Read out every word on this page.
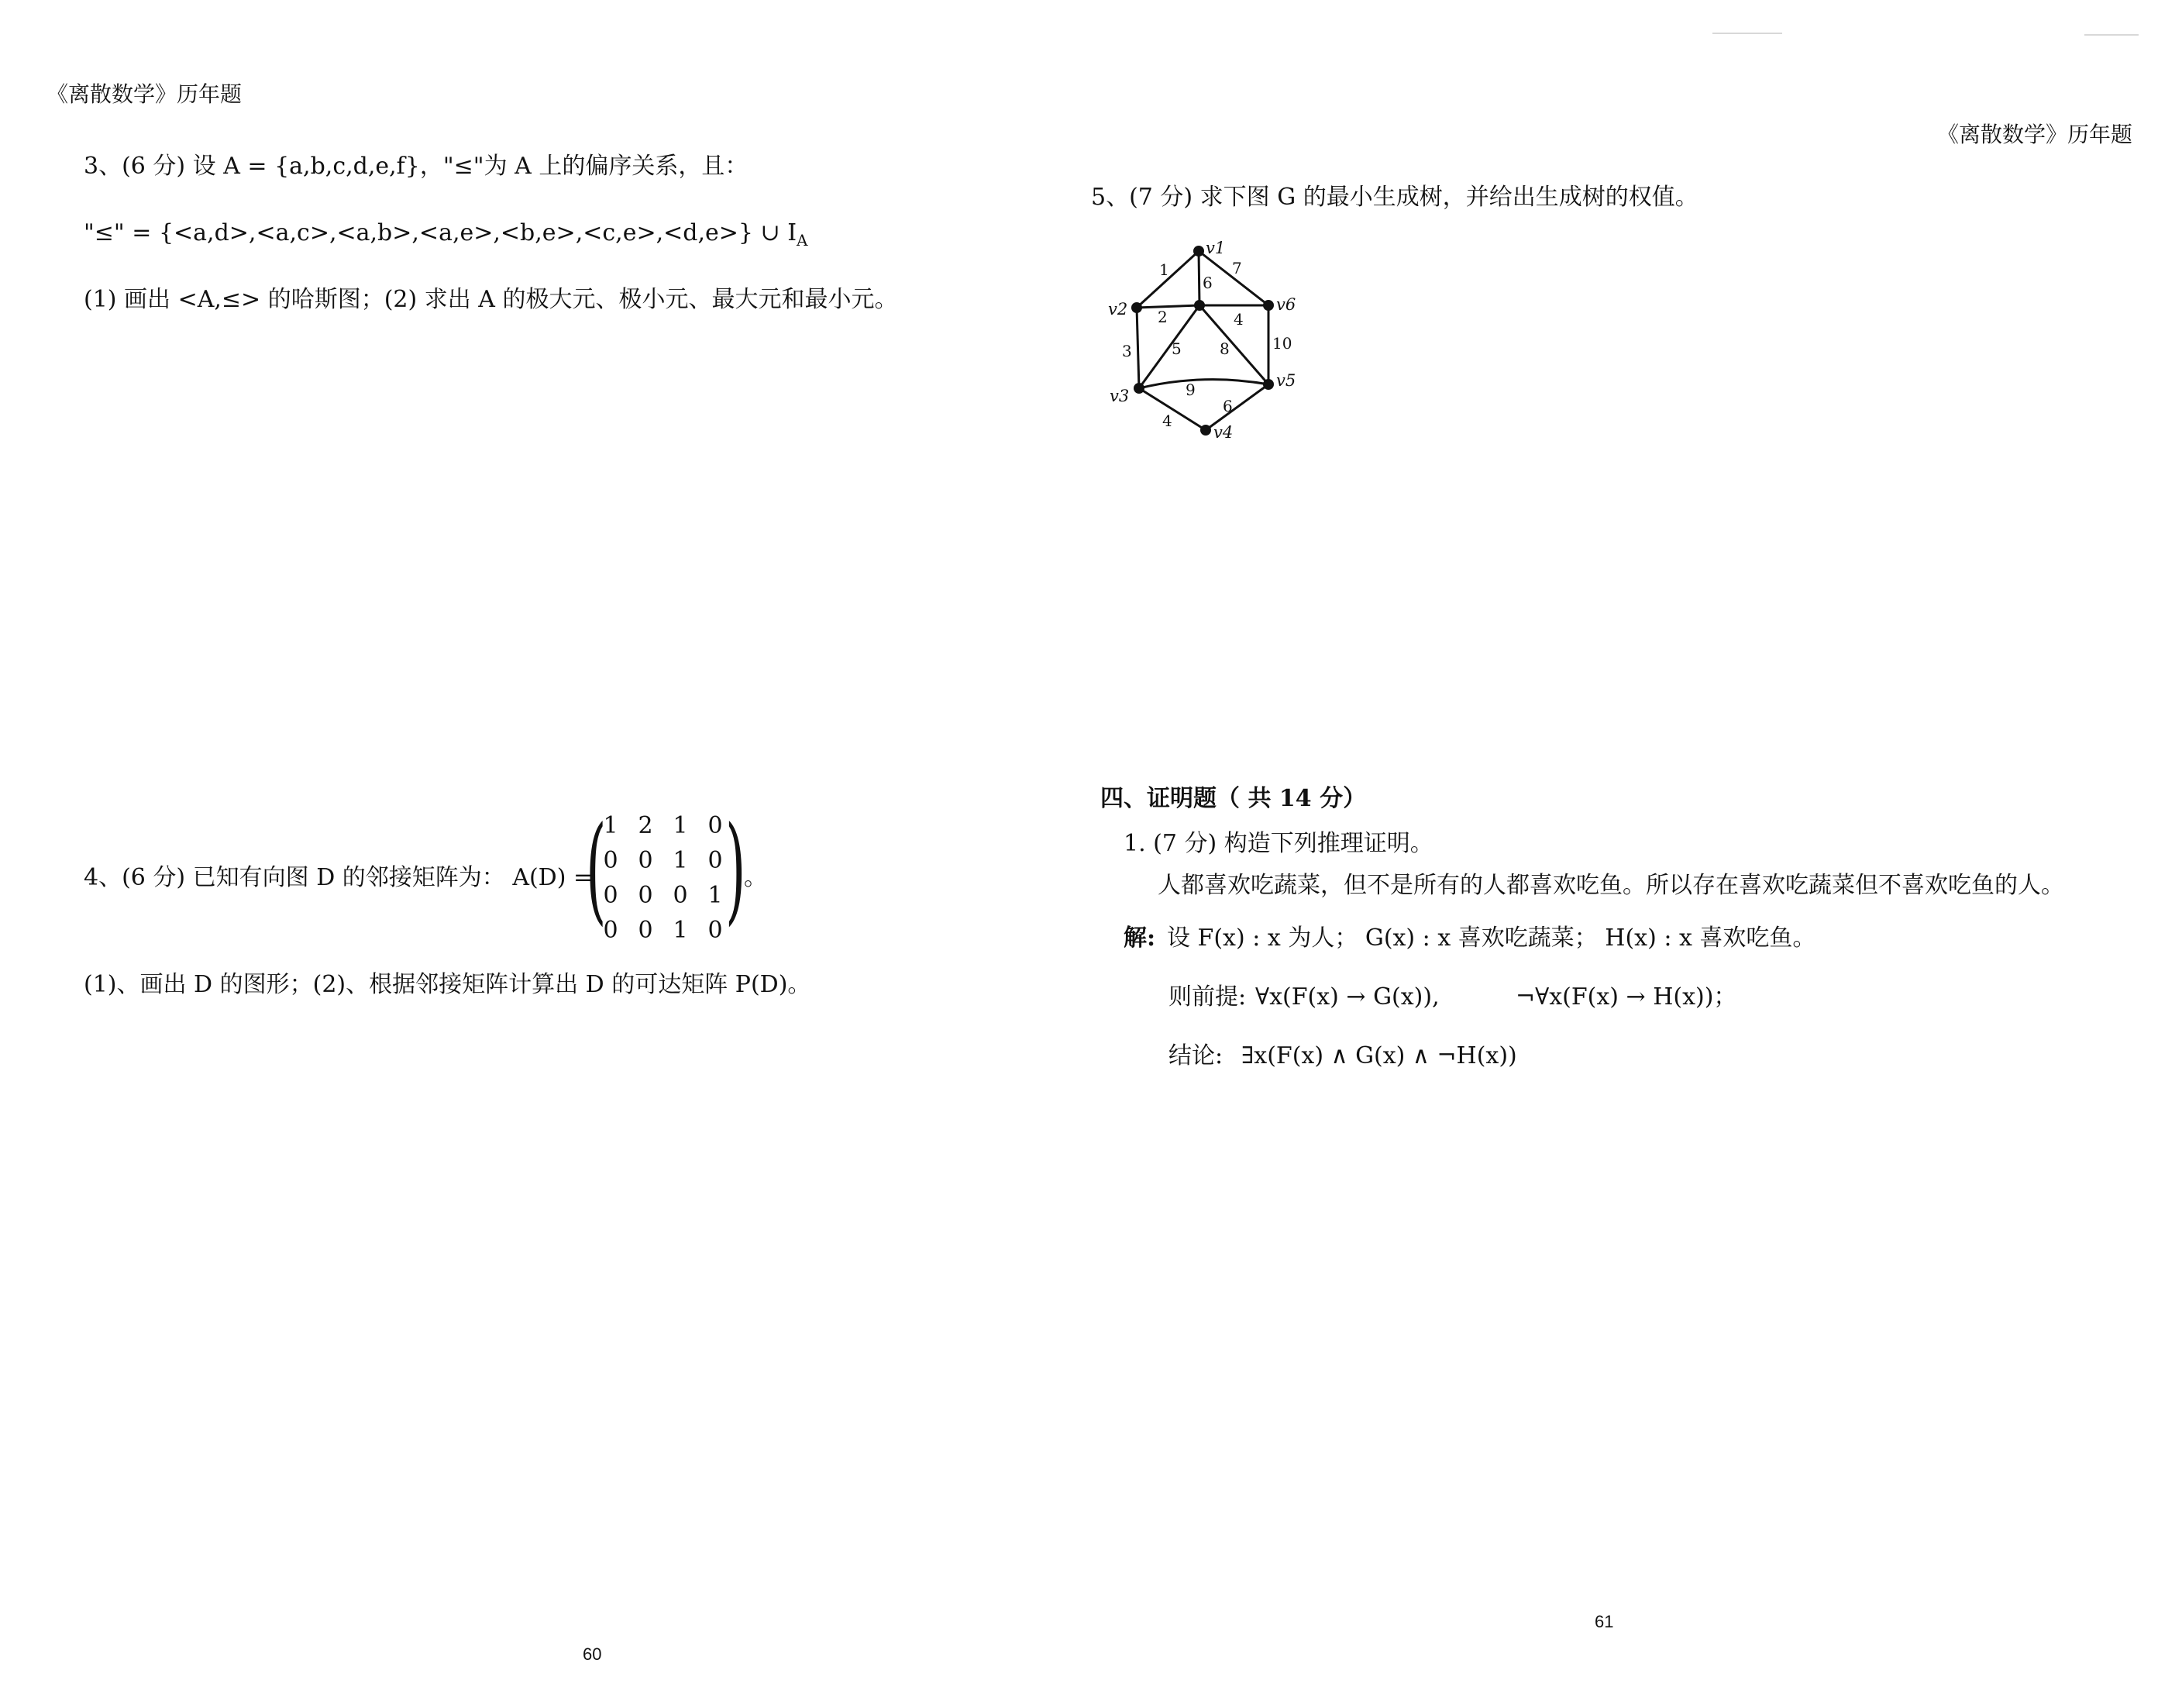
《离散数学》历年题
3、(6 分) 设 A = {a,b,c,d,e,f}，"≤"为 A 上的偏序关系，且：
"≤" = {<a,d>,<a,c>,<a,b>,<a,e>,<b,e>,<c,e>,<d,e>} ∪ $I_A$
(1) 画出 <A,≤> 的哈斯图；(2) 求出 A 的极大元、极小元、最大元和最小元。
4、(6 分) 已知有向图 D 的邻接矩阵为： A(D) =
(
1 2 1 0
0 0 1 0
0 0 0 1
0 0 1 0 )
。
(1)、画出 D 的图形；(2)、根据邻接矩阵计算出 D 的可达矩阵 P(D)。
60
《离散数学》历年题
5、(7 分) 求下图 G 的最小生成树，并给出生成树的权值。
v1
v2
v3
v4
v5
v6
1	7
6
2	4
3	5 8	10
9
4
6
四、证明题（ 共 14 分）
1. (7 分) 构造下列推理证明。
人都喜欢吃蔬菜，但不是所有的人都喜欢吃鱼。所以存在喜欢吃蔬菜但不喜欢吃鱼的人。
解: 设 F(x) : x 为人； G(x) : x 喜欢吃蔬菜； H(x) : x 喜欢吃鱼。
则前提: ∀x(F(x) → G(x)),	¬∀x(F(x) → H(x))；
结论: ∃x(F(x) ∧ G(x) ∧ ¬H(x))
61
